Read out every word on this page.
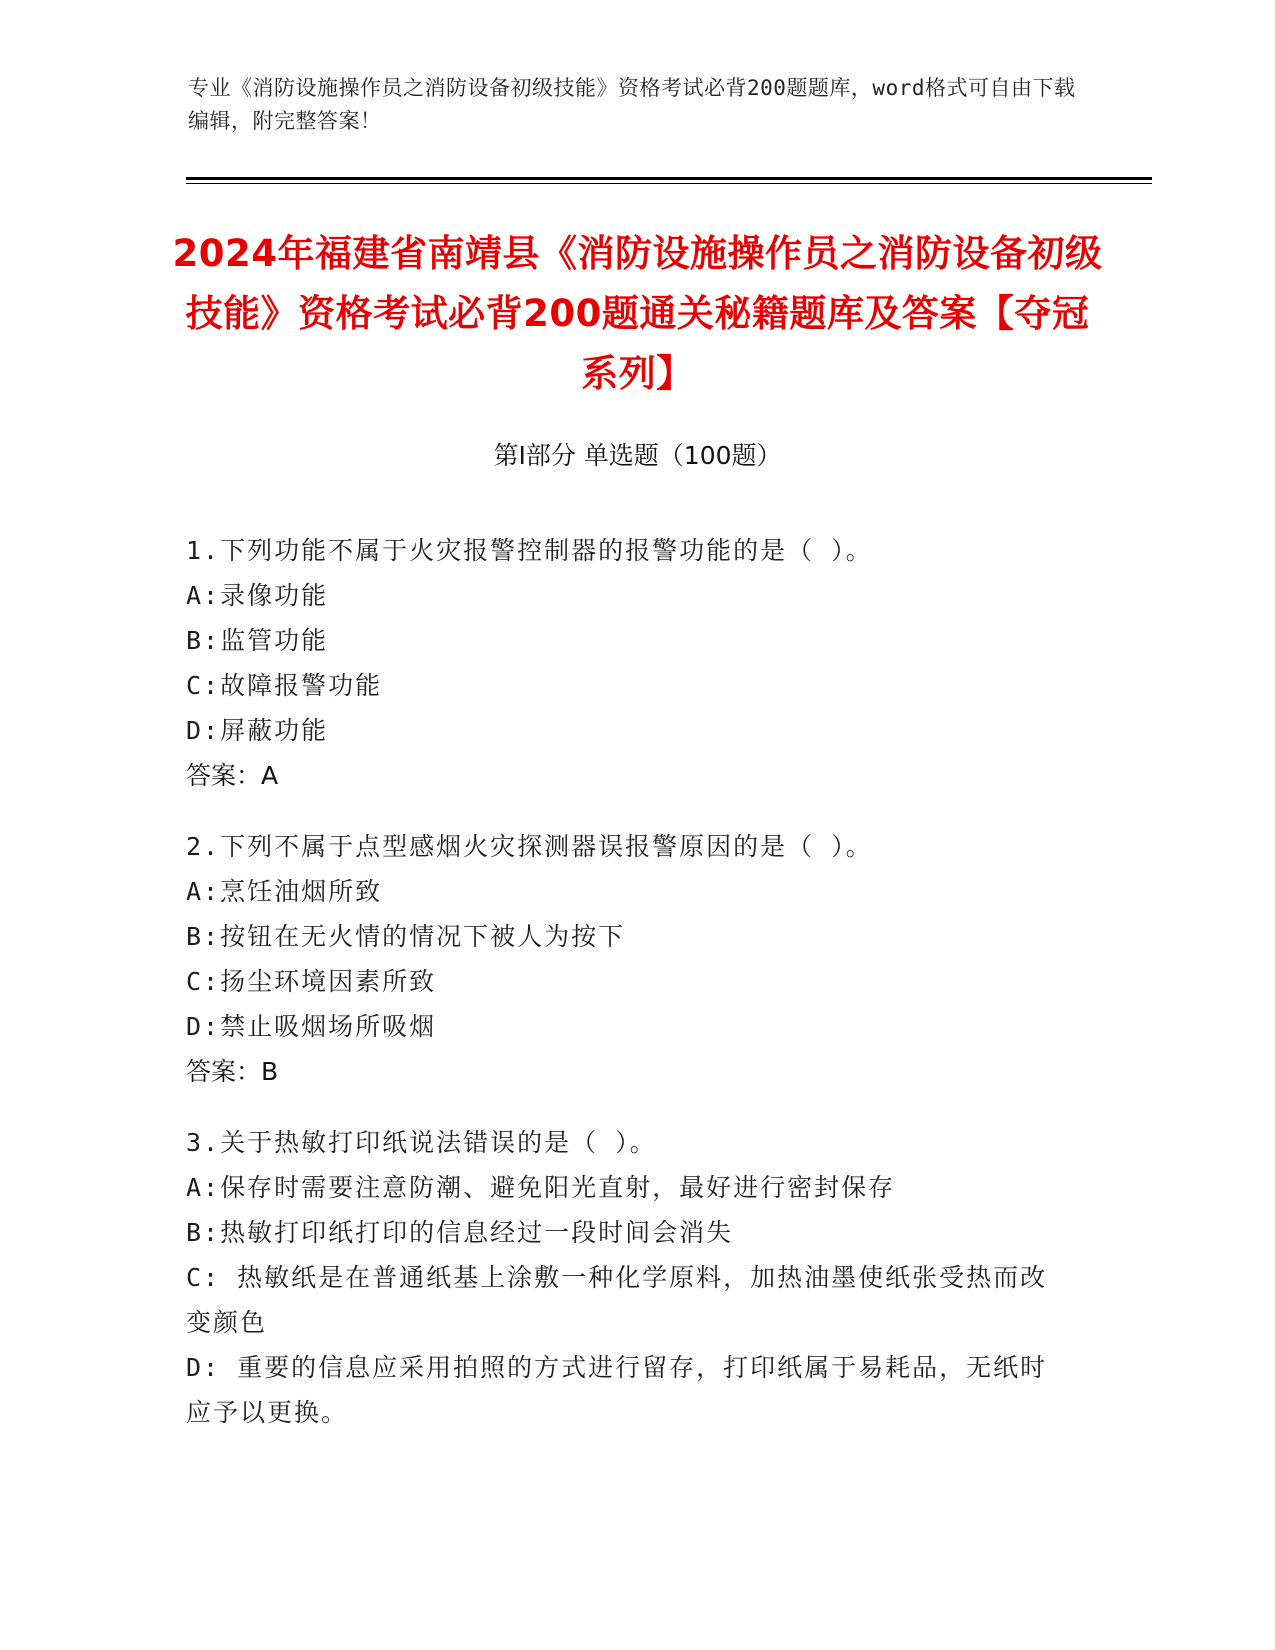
专业《消防设施操作员之消防设备初级技能》资格考试必背200题题库，word格式可自由下载编辑，附完整答案！
2024年福建省南靖县《消防设施操作员之消防设备初级技能》资格考试必背200题通关秘籍题库及答案【夺冠系列】
第I部分 单选题（100题）
1.下列功能不属于火灾报警控制器的报警功能的是（ ）。
A: 录像功能
B: 监管功能
C: 故障报警功能
D: 屏蔽功能
答案：A
2.下列不属于点型感烟火灾探测器误报警原因的是（ ）。
A: 烹饪油烟所致
B: 按钮在无火情的情况下被人为按下
C: 扬尘环境因素所致
D: 禁止吸烟场所吸烟
答案：B
3.关于热敏打印纸说法错误的是（ ）。
A: 保存时需要注意防潮、避免阳光直射，最好进行密封保存
B: 热敏打印纸打印的信息经过一段时间会消失
C: 热敏纸是在普通纸基上涂敷一种化学原料，加热油墨使纸张受热而改变颜色
D: 重要的信息应采用拍照的方式进行留存，打印纸属于易耗品，无纸时应予以更换。
